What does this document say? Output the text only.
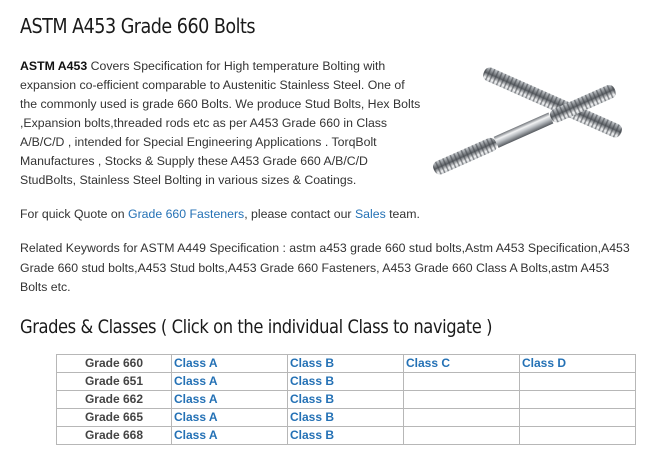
ASTM A453 Grade 660 Bolts

ASTM A453 Covers Specification for High temperature Bolting with expansion co-efficient comparable to Austenitic Stainless Steel. One of the commonly used is grade 660 Bolts. We produce Stud Bolts, Hex Bolts ,Expansion bolts,threaded rods etc as per A453 Grade 660 in Class A/B/C/D , intended for Special Engineering Applications . TorqBolt Manufactures , Stocks & Supply these A453 Grade 660 A/B/C/D StudBolts, Stainless Steel Bolting in various sizes & Coatings.

For quick Quote on Grade 660 Fasteners, please contact our Sales team.

Related Keywords for ASTM A449 Specification : astm a453 grade 660 stud bolts,Astm A453 Specification,A453 Grade 660 stud bolts,A453 Stud bolts,A453 Grade 660 Fasteners, A453 Grade 660 Class A Bolts,astm A453 Bolts etc.

Grades & Classes ( Click on the individual Class to navigate )
Grade 660	Class A	Class B	Class C	Class D
Grade 651	Class A	Class B		
Grade 662	Class A	Class B		
Grade 665	Class A	Class B		
Grade 668	Class A	Class B		
